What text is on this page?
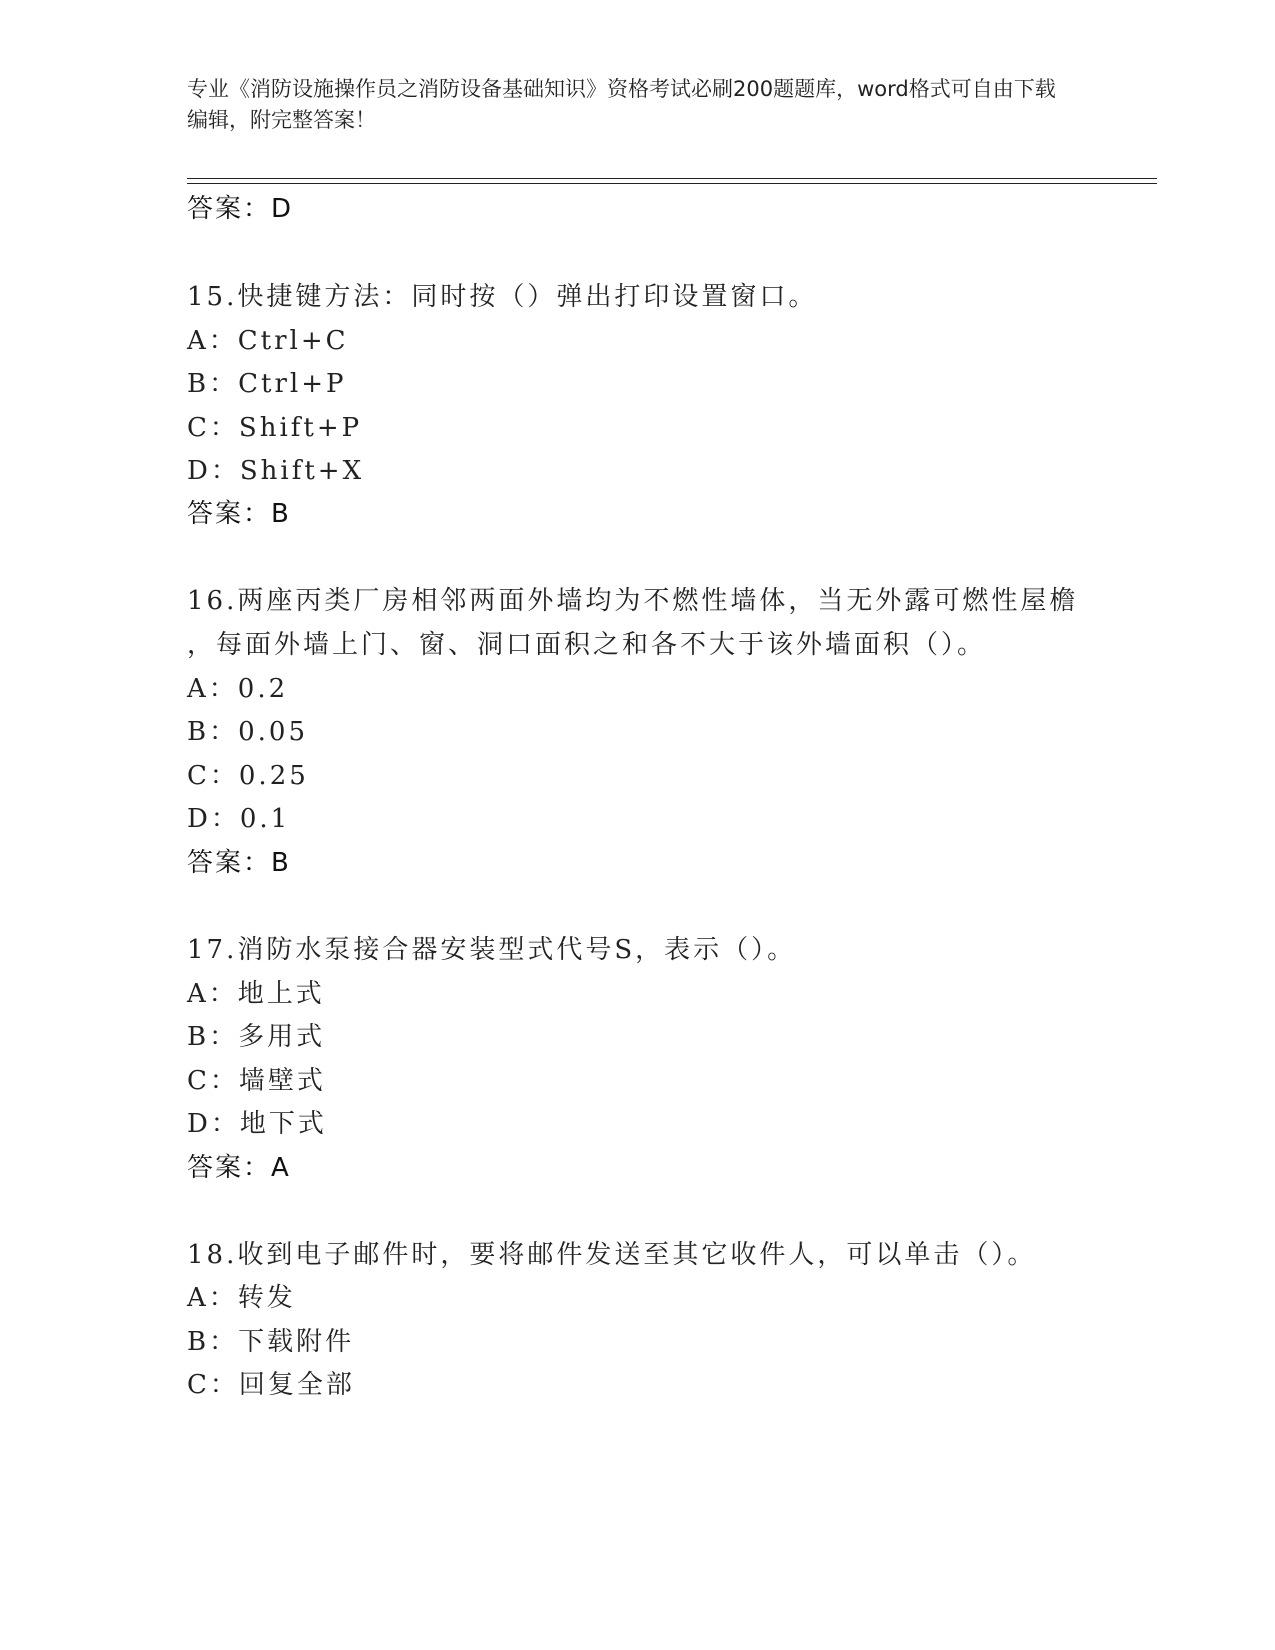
专业《消防设施操作员之消防设备基础知识》资格考试必刷200题题库，word格式可自由下载编辑，附完整答案！
答案：D
15.快捷键方法：同时按（）弹出打印设置窗口。
A：Ctrl+C
B：Ctrl+P
C：Shift+P
D：Shift+X
答案：B
16.两座丙类厂房相邻两面外墙均为不燃性墙体，当无外露可燃性屋檐
，每面外墙上门、窗、洞口面积之和各不大于该外墙面积（）。
A：0.2
B：0.05
C：0.25
D：0.1
答案：B
17.消防水泵接合器安装型式代号S，表示（）。
A：地上式
B：多用式
C：墙壁式
D：地下式
答案：A
18.收到电子邮件时，要将邮件发送至其它收件人，可以单击（）。
A：转发
B：下载附件
C：回复全部
